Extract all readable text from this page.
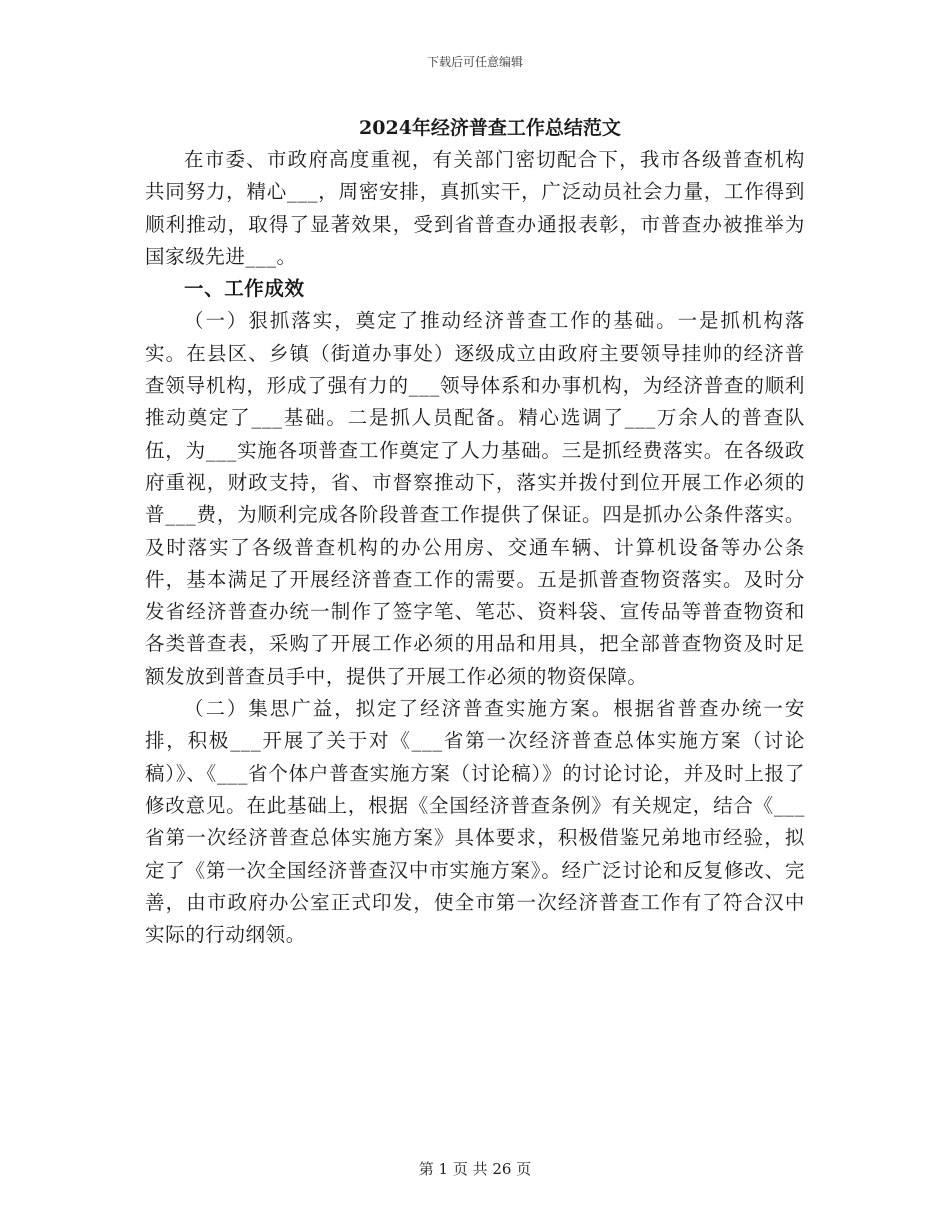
下载后可任意编辑

2024年经济普查工作总结范文

在市委、市政府高度重视，有关部门密切配合下，我市各级普查机构共同努力，精心___，周密安排，真抓实干，广泛动员社会力量，工作得到顺利推动，取得了显著效果，受到省普查办通报表彰，市普查办被推举为国家级先进___。

一、工作成效

（一）狠抓落实，奠定了推动经济普查工作的基础。一是抓机构落实。在县区、乡镇（街道办事处）逐级成立由政府主要领导挂帅的经济普查领导机构，形成了强有力的___领导体系和办事机构，为经济普查的顺利推动奠定了___基础。二是抓人员配备。精心选调了___万余人的普查队伍，为___实施各项普查工作奠定了人力基础。三是抓经费落实。在各级政府重视，财政支持，省、市督察推动下，落实并拨付到位开展工作必须的普___费，为顺利完成各阶段普查工作提供了保证。四是抓办公条件落实。及时落实了各级普查机构的办公用房、交通车辆、计算机设备等办公条件，基本满足了开展经济普查工作的需要。五是抓普查物资落实。及时分发省经济普查办统一制作了签字笔、笔芯、资料袋、宣传品等普查物资和各类普查表，采购了开展工作必须的用品和用具，把全部普查物资及时足额发放到普查员手中，提供了开展工作必须的物资保障。

（二）集思广益，拟定了经济普查实施方案。根据省普查办统一安排，积极___开展了关于对《___省第一次经济普查总体实施方案（讨论稿）》、《___省个体户普查实施方案（讨论稿）》的讨论讨论，并及时上报了修改意见。在此基础上，根据《全国经济普查条例》有关规定，结合《___省第一次经济普查总体实施方案》具体要求，积极借鉴兄弟地市经验，拟定了《第一次全国经济普查汉中市实施方案》。经广泛讨论和反复修改、完善，由市政府办公室正式印发，使全市第一次经济普查工作有了符合汉中实际的行动纲领。

第 1 页 共 26 页
